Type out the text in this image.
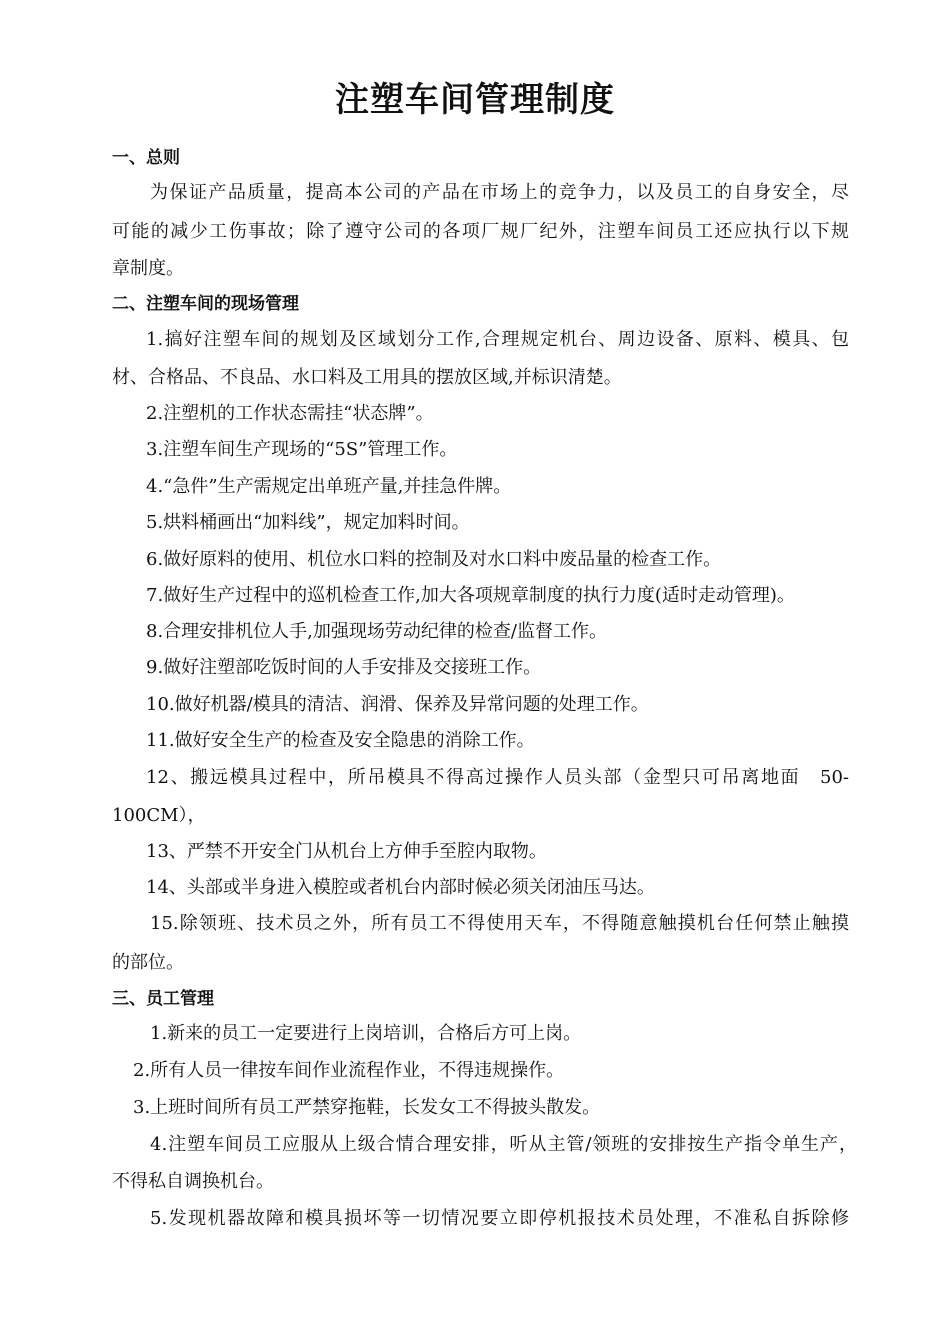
注塑车间管理制度
一、总则
为保证产品质量，提高本公司的产品在市场上的竞争力，以及员工的自身安全，尽
可能的减少工伤事故；除了遵守公司的各项厂规厂纪外，注塑车间员工还应执行以下规
章制度。
二、注塑车间的现场管理
1.搞好注塑车间的规划及区域划分工作,合理规定机台、周边设备、原料、模具、包
材、合格品、不良品、水口料及工用具的摆放区域,并标识清楚。
2.注塑机的工作状态需挂“状态牌”。
3.注塑车间生产现场的“5S”管理工作。
4.“急件”生产需规定出单班产量,并挂急件牌。
5.烘料桶画出“加料线”，规定加料时间。
6.做好原料的使用、机位水口料的控制及对水口料中废品量的检查工作。
7.做好生产过程中的巡机检查工作,加大各项规章制度的执行力度(适时走动管理)。
8.合理安排机位人手,加强现场劳动纪律的检查/监督工作。
9.做好注塑部吃饭时间的人手安排及交接班工作。
10.做好机器/模具的清洁、润滑、保养及异常问题的处理工作。
11.做好安全生产的检查及安全隐患的消除工作。
12、搬远模具过程中，所吊模具不得高过操作人员头部（金型只可吊离地面　50-
100CM），
13、严禁不开安全门从机台上方伸手至腔内取物。
14、头部或半身进入模腔或者机台内部时候必须关闭油压马达。
15.除领班、技术员之外，所有员工不得使用天车，不得随意触摸机台任何禁止触摸
的部位。
三、员工管理
1.新来的员工一定要进行上岗培训，合格后方可上岗。
2.所有人员一律按车间作业流程作业，不得违规操作。
3.上班时间所有员工严禁穿拖鞋，长发女工不得披头散发。
4.注塑车间员工应服从上级合情合理安排，听从主管/领班的安排按生产指令单生产，
不得私自调换机台。
5.发现机器故障和模具损坏等一切情况要立即停机报技术员处理，不准私自拆除修
